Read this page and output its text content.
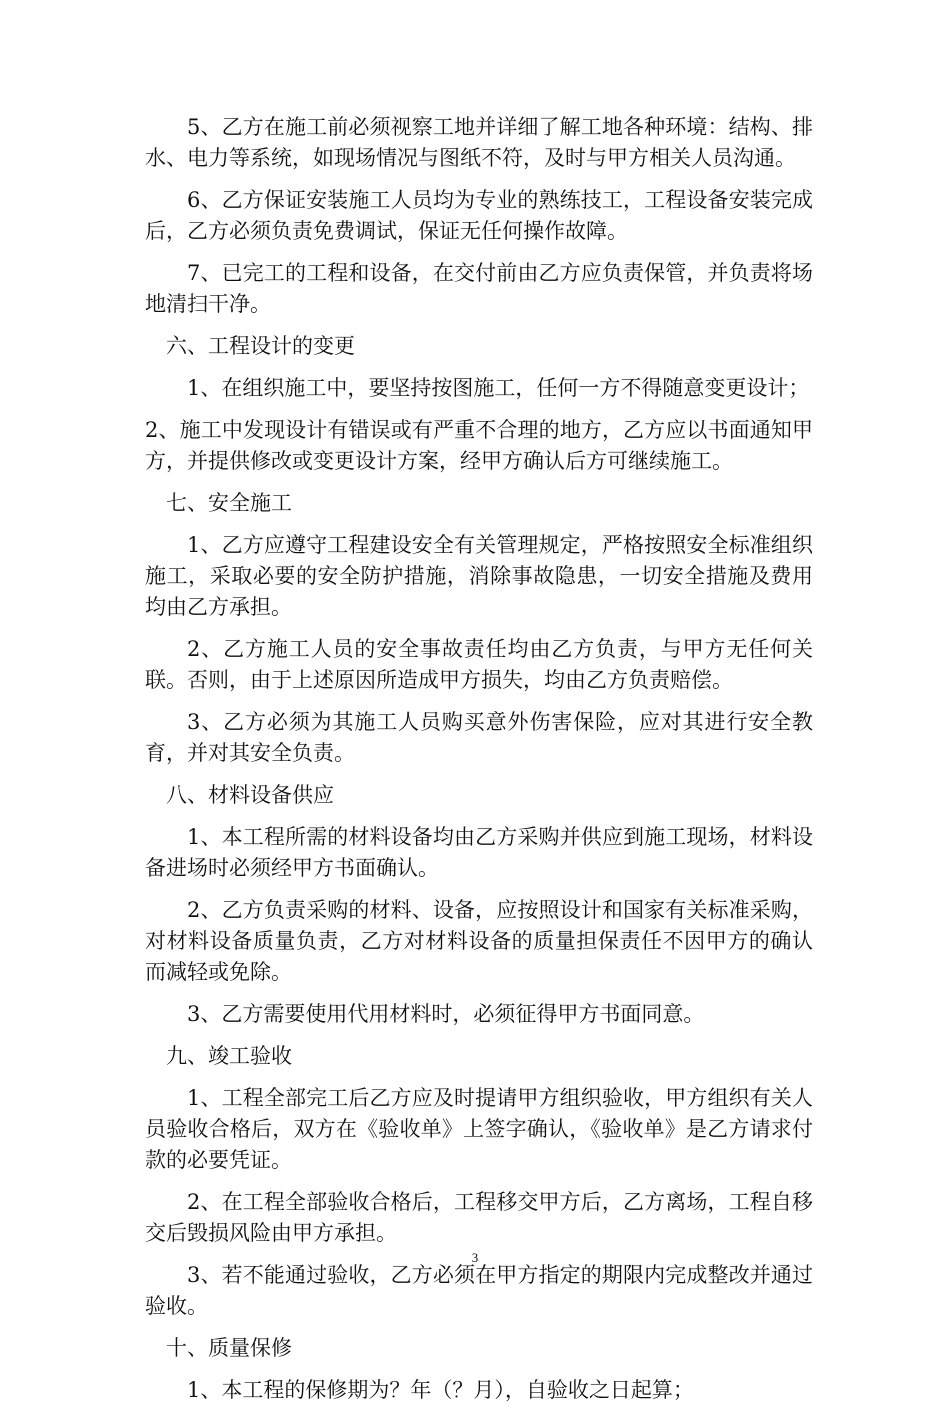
5、乙方在施工前必须视察工地并详细了解工地各种环境：结构、排水、电力等系统，如现场情况与图纸不符，及时与甲方相关人员沟通。

6、乙方保证安装施工人员均为专业的熟练技工，工程设备安装完成后，乙方必须负责免费调试，保证无任何操作故障。

7、已完工的工程和设备，在交付前由乙方应负责保管，并负责将场地清扫干净。

六、工程设计的变更

1、在组织施工中，要坚持按图施工，任何一方不得随意变更设计；

2、施工中发现设计有错误或有严重不合理的地方，乙方应以书面通知甲方，并提供修改或变更设计方案，经甲方确认后方可继续施工。

七、安全施工

1、乙方应遵守工程建设安全有关管理规定，严格按照安全标准组织施工，采取必要的安全防护措施，消除事故隐患，一切安全措施及费用均由乙方承担。

2、乙方施工人员的安全事故责任均由乙方负责，与甲方无任何关联。否则，由于上述原因所造成甲方损失，均由乙方负责赔偿。

3、乙方必须为其施工人员购买意外伤害保险，应对其进行安全教育，并对其安全负责。

八、材料设备供应

1、本工程所需的材料设备均由乙方采购并供应到施工现场，材料设备进场时必须经甲方书面确认。

2、乙方负责采购的材料、设备，应按照设计和国家有关标准采购，对材料设备质量负责，乙方对材料设备的质量担保责任不因甲方的确认而减轻或免除。

3、乙方需要使用代用材料时，必须征得甲方书面同意。

九、竣工验收

1、工程全部完工后乙方应及时提请甲方组织验收，甲方组织有关人员验收合格后，双方在《验收单》上签字确认，《验收单》是乙方请求付款的必要凭证。

2、在工程全部验收合格后，工程移交甲方后，乙方离场，工程自移交后毁损风险由甲方承担。

3、若不能通过验收，乙方必须在甲方指定的期限内完成整改并通过验收。

十、质量保修

1、本工程的保修期为？年（？月），自验收之日起算；

3
